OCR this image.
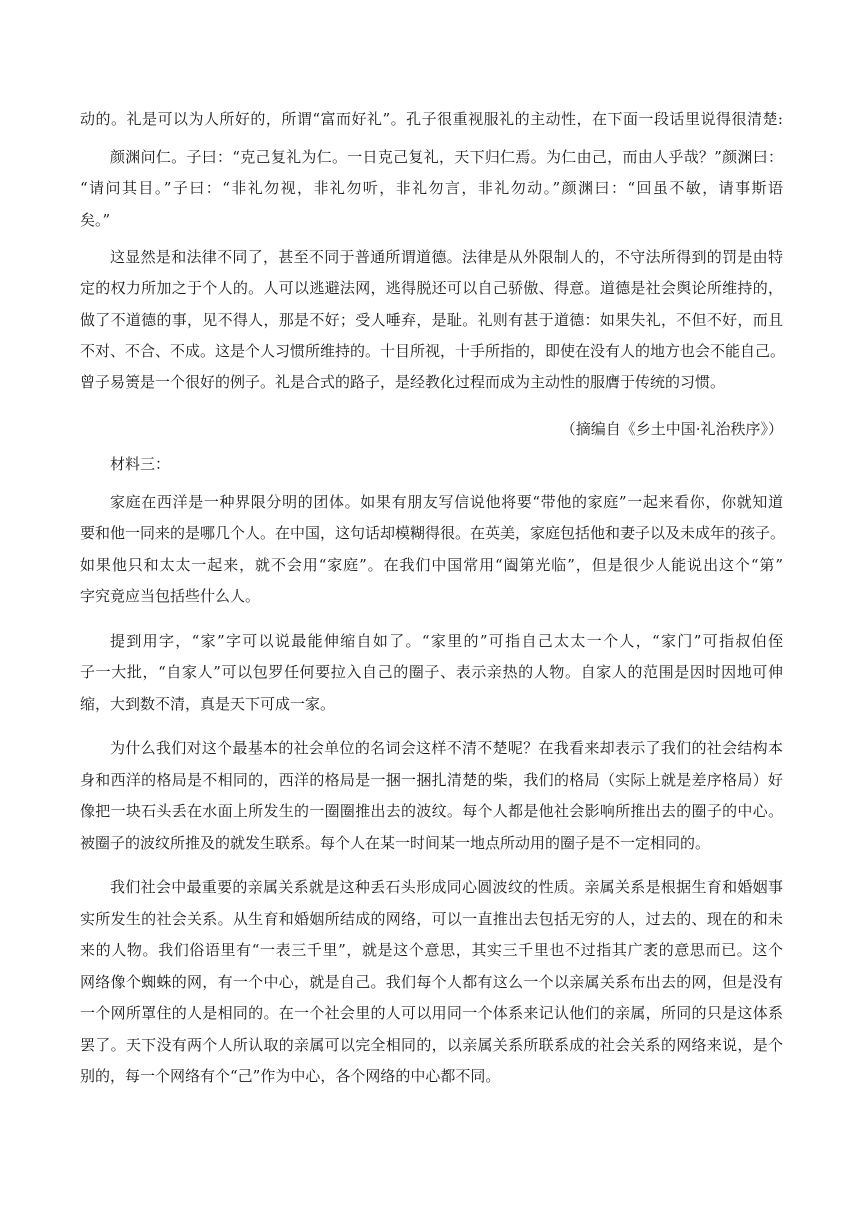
动的。礼是可以为人所好的，所谓“富而好礼”。孔子很重视服礼的主动性，在下面一段话里说得很清楚:
颜渊问仁。子曰：“克己复礼为仁。一日克己复礼，天下归仁焉。为仁由己，而由人乎哉？”颜渊曰：
“请问其目。”子曰：“非礼勿视，非礼勿听，非礼勿言，非礼勿动。”颜渊曰：“回虽不敏，请事斯语
矣。”
这显然是和法律不同了，甚至不同于普通所谓道德。法律是从外限制人的，不守法所得到的罚是由特
定的权力所加之于个人的。人可以逃避法网，逃得脱还可以自己骄傲、得意。道德是社会舆论所维持的，
做了不道德的事，见不得人，那是不好；受人唾弃，是耻。礼则有甚于道德：如果失礼，不但不好，而且
不对、不合、不成。这是个人习惯所维持的。十目所视，十手所指的，即使在没有人的地方也会不能自己。
曾子易箦是一个很好的例子。礼是合式的路子，是经教化过程而成为主动性的服膺于传统的习惯。
（摘编自《乡土中国·礼治秩序》）
材料三：
家庭在西洋是一种界限分明的团体。如果有朋友写信说他将要“带他的家庭”一起来看你，你就知道
要和他一同来的是哪几个人。在中国，这句话却模糊得很。在英美，家庭包括他和妻子以及未成年的孩子。
如果他只和太太一起来，就不会用“家庭”。在我们中国常用“阖第光临”，但是很少人能说出这个“第”
字究竟应当包括些什么人。
提到用字，“家”字可以说最能伸缩自如了。“家里的”可指自己太太一个人，“家门”可指叔伯侄
子一大批，“自家人”可以包罗任何要拉入自己的圈子、表示亲热的人物。自家人的范围是因时因地可伸
缩，大到数不清，真是天下可成一家。
为什么我们对这个最基本的社会单位的名词会这样不清不楚呢？在我看来却表示了我们的社会结构本
身和西洋的格局是不相同的，西洋的格局是一捆一捆扎清楚的柴，我们的格局（实际上就是差序格局）好
像把一块石头丢在水面上所发生的一圈圈推出去的波纹。每个人都是他社会影响所推出去的圈子的中心。
被圈子的波纹所推及的就发生联系。每个人在某一时间某一地点所动用的圈子是不一定相同的。
我们社会中最重要的亲属关系就是这种丢石头形成同心圆波纹的性质。亲属关系是根据生育和婚姻事
实所发生的社会关系。从生育和婚姻所结成的网络，可以一直推出去包括无穷的人，过去的、现在的和未
来的人物。我们俗语里有“一表三千里”，就是这个意思，其实三千里也不过指其广袤的意思而已。这个
网络像个蜘蛛的网，有一个中心，就是自己。我们每个人都有这么一个以亲属关系布出去的网，但是没有
一个网所罩住的人是相同的。在一个社会里的人可以用同一个体系来记认他们的亲属，所同的只是这体系
罢了。天下没有两个人所认取的亲属可以完全相同的，以亲属关系所联系成的社会关系的网络来说，是个
别的，每一个网络有个“己”作为中心，各个网络的中心都不同。
